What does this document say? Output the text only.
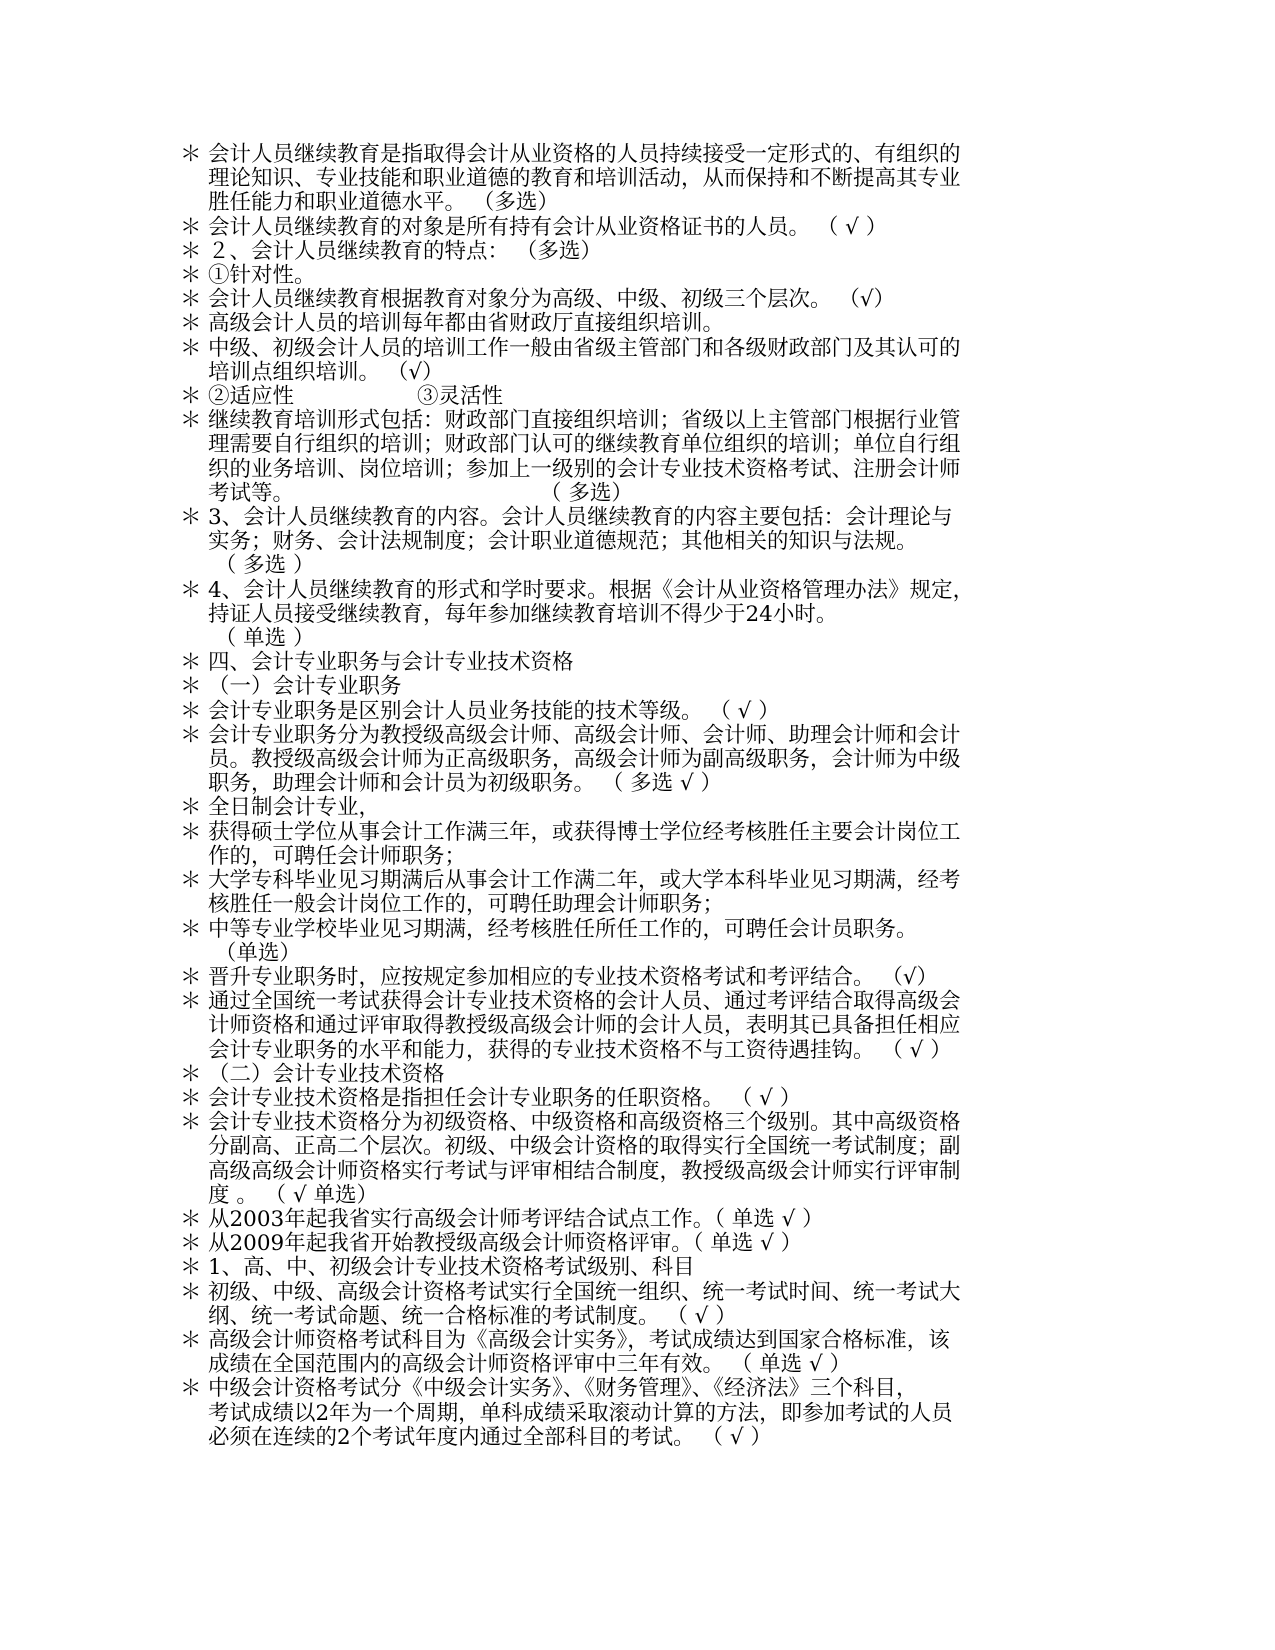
＊ 会计人员继续教育是指取得会计从业资格的人员持续接受一定形式的、有组织的
理论知识、专业技能和职业道德的教育和培训活动，从而保持和不断提高其专业
胜任能力和职业道德水平。 （多选）
＊ 会计人员继续教育的对象是所有持有会计从业资格证书的人员。 （ √ ）
＊ ２、会计人员继续教育的特点： （多选）
＊ ①针对性。
＊ 会计人员继续教育根据教育对象分为高级、中级、初级三个层次。 （√）
＊ 高级会计人员的培训每年都由省财政厅直接组织培训。
＊ 中级、初级会计人员的培训工作一般由省级主管部门和各级财政部门及其认可的
培训点组织培训。 （√）
＊ ②适应性                  ③灵活性
＊ 继续教育培训形式包括：财政部门直接组织培训；省级以上主管部门根据行业管
理需要自行组织的培训；财政部门认可的继续教育单位组织的培训；单位自行组
织的业务培训、岗位培训；参加上一级别的会计专业技术资格考试、注册会计师
考试等。                                    （ 多选）
＊ 3、会计人员继续教育的内容。会计人员继续教育的内容主要包括：会计理论与
实务；财务、会计法规制度；会计职业道德规范；其他相关的知识与法规。
（ 多选 ）
＊ 4、会计人员继续教育的形式和学时要求。根据《会计从业资格管理办法》规定，
持证人员接受继续教育，每年参加继续教育培训不得少于24小时。
（ 单选 ）
＊ 四、会计专业职务与会计专业技术资格
＊ （一）会计专业职务
＊ 会计专业职务是区别会计人员业务技能的技术等级。 （ √ ）
＊ 会计专业职务分为教授级高级会计师、高级会计师、会计师、助理会计师和会计
员。教授级高级会计师为正高级职务，高级会计师为副高级职务，会计师为中级
职务，助理会计师和会计员为初级职务。 （ 多选 √ ）
＊ 全日制会计专业，
＊ 获得硕士学位从事会计工作满三年，或获得博士学位经考核胜任主要会计岗位工
作的，可聘任会计师职务；
＊ 大学专科毕业见习期满后从事会计工作满二年，或大学本科毕业见习期满，经考
核胜任一般会计岗位工作的，可聘任助理会计师职务；
＊ 中等专业学校毕业见习期满，经考核胜任所任工作的，可聘任会计员职务。
（单选）
＊ 晋升专业职务时，应按规定参加相应的专业技术资格考试和考评结合。 （√）
＊ 通过全国统一考试获得会计专业技术资格的会计人员、通过考评结合取得高级会
计师资格和通过评审取得教授级高级会计师的会计人员，表明其已具备担任相应
会计专业职务的水平和能力，获得的专业技术资格不与工资待遇挂钩。 （ √ ）
＊ （二）会计专业技术资格
＊ 会计专业技术资格是指担任会计专业职务的任职资格。 （ √ ）
＊ 会计专业技术资格分为初级资格、中级资格和高级资格三个级别。其中高级资格
分副高、正高二个层次。初级、中级会计资格的取得实行全国统一考试制度；副
高级高级会计师资格实行考试与评审相结合制度，教授级高级会计师实行评审制
度 。 （ √ 单选）
＊ 从2003年起我省实行高级会计师考评结合试点工作。（ 单选 √ ）
＊ 从2009年起我省开始教授级高级会计师资格评审。（ 单选 √ ）
＊ 1、高、中、初级会计专业技术资格考试级别、科目
＊ 初级、中级、高级会计资格考试实行全国统一组织、统一考试时间、统一考试大
纲、统一考试命题、统一合格标准的考试制度。 （ √ ）
＊ 高级会计师资格考试科目为《高级会计实务》，考试成绩达到国家合格标准，该
成绩在全国范围内的高级会计师资格评审中三年有效。 （ 单选 √ ）
＊ 中级会计资格考试分《中级会计实务》、《财务管理》、《经济法》三个科目，
考试成绩以2年为一个周期，单科成绩采取滚动计算的方法，即参加考试的人员
必须在连续的2个考试年度内通过全部科目的考试。 （ √ ）
